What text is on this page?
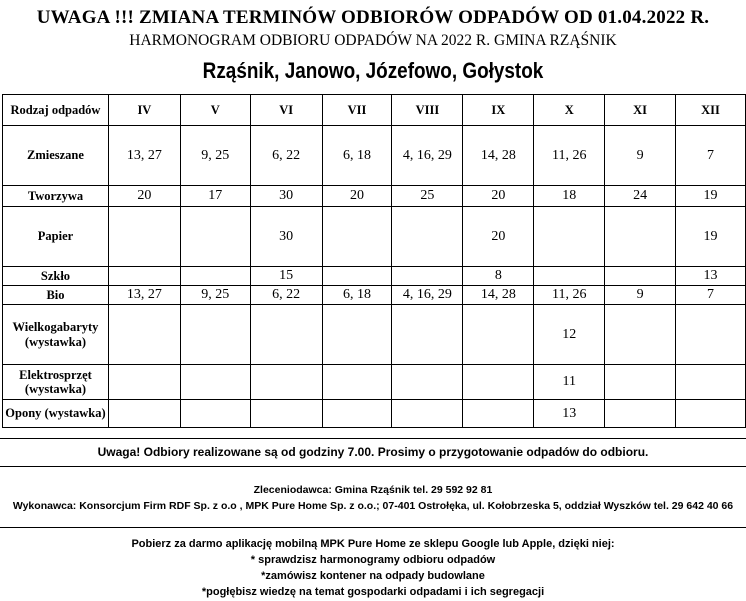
UWAGA !!! ZMIANA TERMINÓW ODBIORÓW ODPADÓW OD 01.04.2022 R.
HARMONOGRAM ODBIORU ODPADÓW NA 2022 R. GMINA RZĄŚNIK
Rząśnik, Janowo, Józefowo, Gołystok
Rodzaj odpadów	IV	V	VI	VII	VIII	IX	X	XI	XII
Zmieszane	13, 27	9, 25	6, 22	6, 18	4, 16, 29	14, 28	11, 26	9	7
Tworzywa	20	17	30	20	25	20	18	24	19
Papier			30			20			19
Szkło			15			8			13
Bio	13, 27	9, 25	6, 22	6, 18	4, 16, 29	14, 28	11, 26	9	7
Wielkogabaryty (wystawka)							12		
Elektrosprzęt (wystawka)							11		
Opony (wystawka)							13		
Uwaga! Odbiory realizowane są od godziny 7.00. Prosimy o przygotowanie odpadów do odbioru.
Zleceniodawca: Gmina Rząśnik tel. 29 592 92 81
Wykonawca: Konsorcjum Firm RDF Sp. z o.o , MPK Pure Home Sp. z o.o.; 07-401 Ostrołęka, ul. Kołobrzeska 5, oddział Wyszków tel. 29 642 40 66
Pobierz za darmo aplikację mobilną MPK Pure Home ze sklepu Google lub Apple, dzięki niej:
* sprawdzisz harmonogramy odbioru odpadów
*zamówisz kontener na odpady budowlane
*pogłębisz wiedzę na temat gospodarki odpadami i ich segregacji
